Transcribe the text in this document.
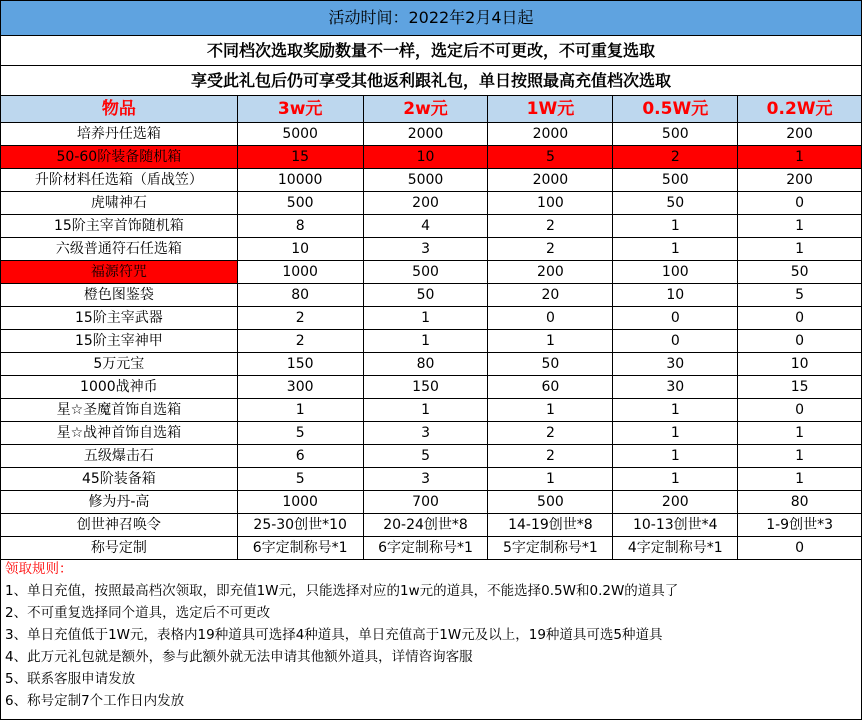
活动时间：2022年2月4日起					
不同档次选取奖励数量不一样，选定后不可更改，不可重复选取					
享受此礼包后仍可享受其他返利跟礼包，单日按照最高充值档次选取					
物品	3w元	2w元	1W元	0.5W元	0.2W元
培养丹任选箱	5000	2000	2000	500	200
50-60阶装备随机箱	15	10	5	2	1
升阶材料任选箱（盾战笠）	10000	5000	2000	500	200
虎啸神石	500	200	100	50	0
15阶主宰首饰随机箱	8	4	2	1	1
六级普通符石任选箱	10	3	2	1	1
福源符咒	1000	500	200	100	50
橙色图鉴袋	80	50	20	10	5
15阶主宰武器	2	1	0	0	0
15阶主宰神甲	2	1	1	0	0
5万元宝	150	80	50	30	10
1000战神币	300	150	60	30	15
星☆圣魔首饰自选箱	1	1	1	1	0
星☆战神首饰自选箱	5	3	2	1	1
五级爆击石	6	5	2	1	1
45阶装备箱	5	3	1	1	1
修为丹-高	1000	700	500	200	80
创世神召唤令	25-30创世*10	20-24创世*8	14-19创世*8	10-13创世*4	1-9创世*3
称号定制	6字定制称号*1	6字定制称号*1	5字定制称号*1	4字定制称号*1	0
领取规则：
1、单日充值，按照最高档次领取，即充值1W元，只能选择对应的1w元的道具，不能选择0.5W和0.2W的道具了
2、不可重复选择同个道具，选定后不可更改
3、单日充值低于1W元，表格内19种道具可选择4种道具，单日充值高于1W元及以上，19种道具可选5种道具
4、此万元礼包就是额外，参与此额外就无法申请其他额外道具，详情咨询客服
5、联系客服申请发放
6、称号定制7个工作日内发放
